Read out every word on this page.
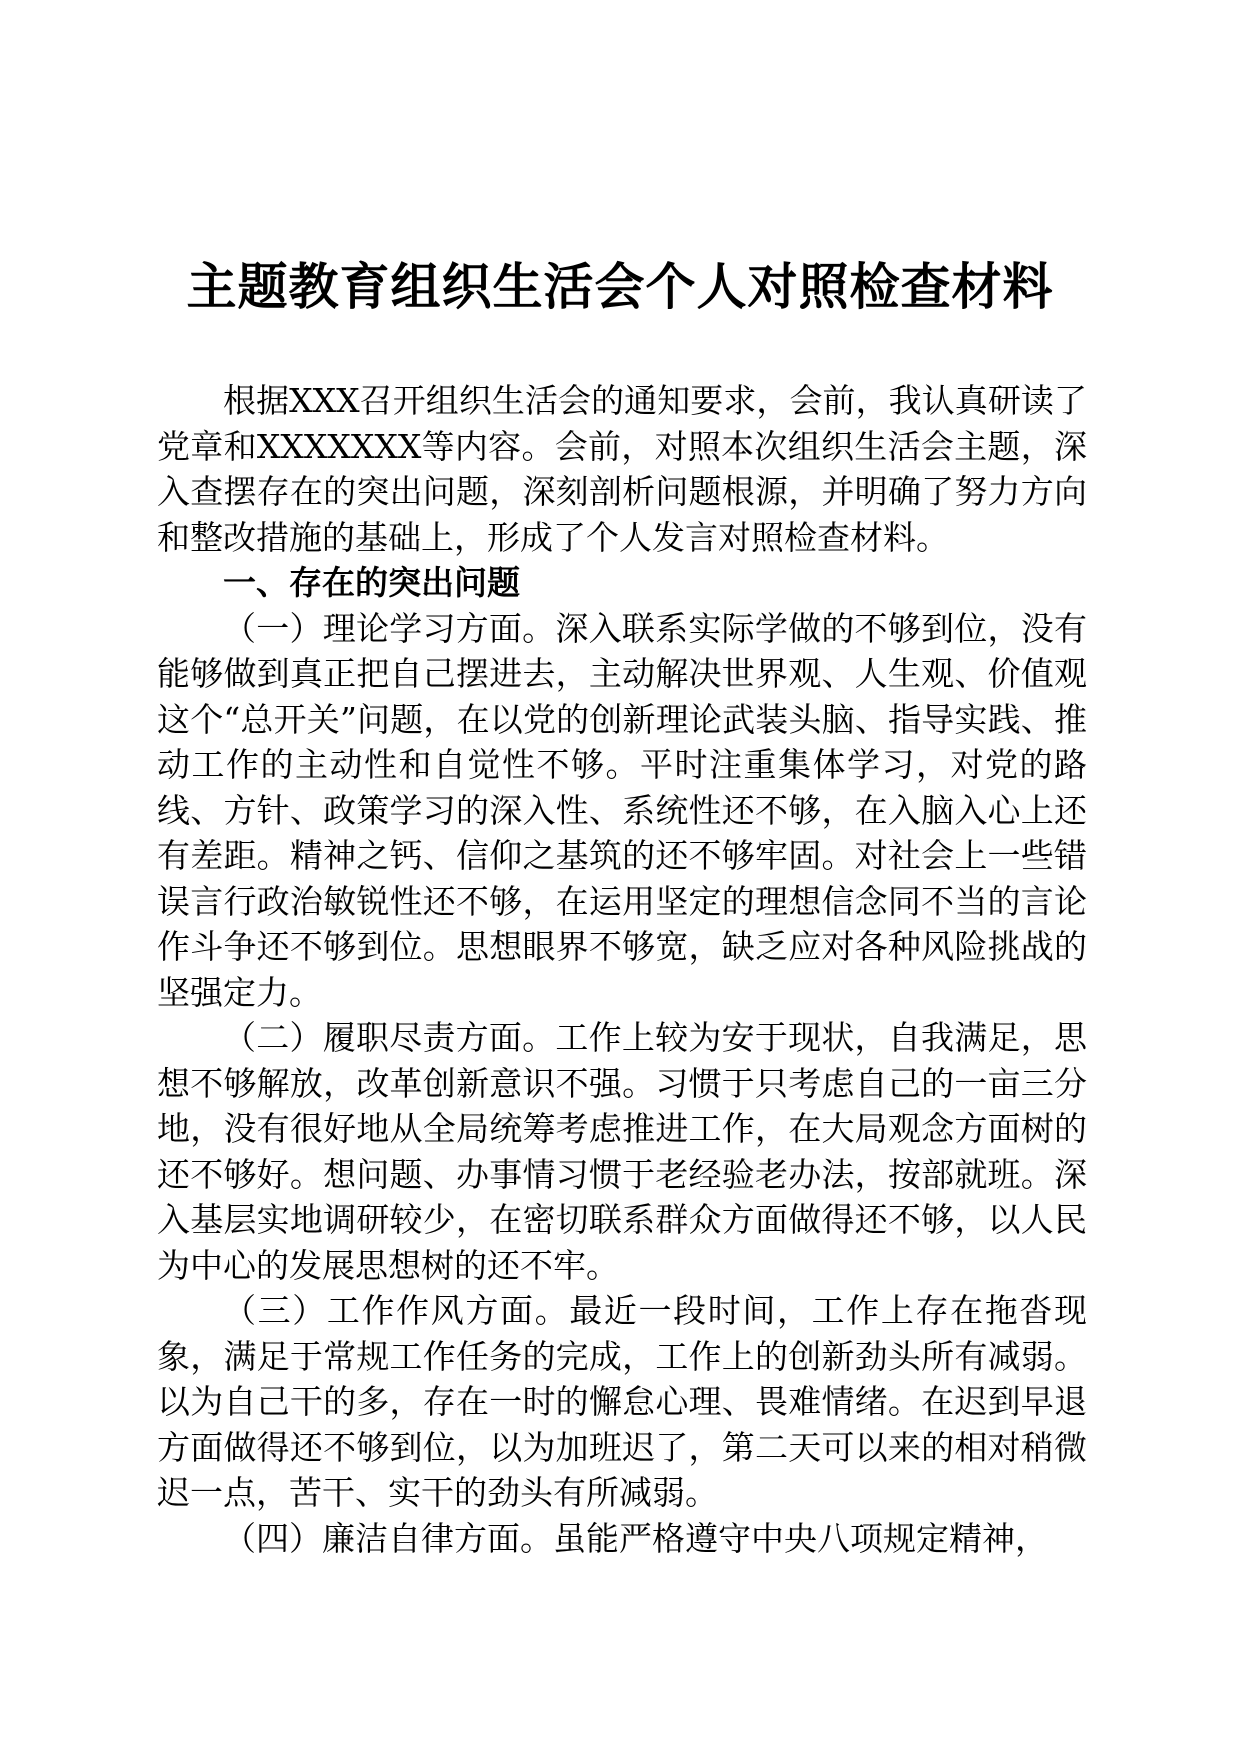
主题教育组织生活会个人对照检查材料

根据XXX召开组织生活会的通知要求，会前，我认真研读了党章和XXXXXXX等内容。会前，对照本次组织生活会主题，深入查摆存在的突出问题，深刻剖析问题根源，并明确了努力方向和整改措施的基础上，形成了个人发言对照检查材料。

一、存在的突出问题

（一）理论学习方面。深入联系实际学做的不够到位，没有能够做到真正把自己摆进去，主动解决世界观、人生观、价值观这个“总开关”问题，在以党的创新理论武装头脑、指导实践、推动工作的主动性和自觉性不够。平时注重集体学习，对党的路线、方针、政策学习的深入性、系统性还不够，在入脑入心上还有差距。精神之钙、信仰之基筑的还不够牢固。对社会上一些错误言行政治敏锐性还不够，在运用坚定的理想信念同不当的言论作斗争还不够到位。思想眼界不够宽，缺乏应对各种风险挑战的坚强定力。

（二）履职尽责方面。工作上较为安于现状，自我满足，思想不够解放，改革创新意识不强。习惯于只考虑自己的一亩三分地，没有很好地从全局统筹考虑推进工作，在大局观念方面树的还不够好。想问题、办事情习惯于老经验老办法，按部就班。深入基层实地调研较少，在密切联系群众方面做得还不够，以人民为中心的发展思想树的还不牢。

（三）工作作风方面。最近一段时间，工作上存在拖沓现象，满足于常规工作任务的完成，工作上的创新劲头所有减弱。以为自己干的多，存在一时的懈怠心理、畏难情绪。在迟到早退方面做得还不够到位，以为加班迟了，第二天可以来的相对稍微迟一点，苦干、实干的劲头有所减弱。

（四）廉洁自律方面。虽能严格遵守中央八项规定精神，
